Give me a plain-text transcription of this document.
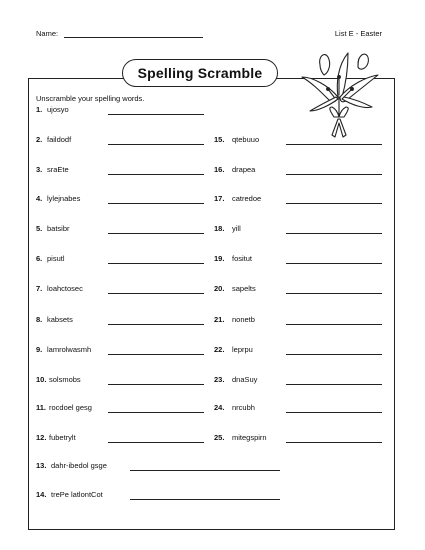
Name:	List E - Easter
Spelling Scramble
Unscramble your spelling words.
1. ujosyo
2. faildodf
3. sraEte
4. lylejnabes
5. batsibr
6. pisutl
7. loahctosec
8. kabsets
9. lamrolwasmh
10. solsmobs
11. rocdoel gesg
12. fubetrylt
15. qtebuuo
16. drapea
17. catredoe
18. yill
19. fositut
20. sapelts
21. nonetb
22. leprpu
23. dnaSuy
24. nrcubh
25. mitegspirn
13. dahr-ibedol gsge
14. trePe latlontCot
